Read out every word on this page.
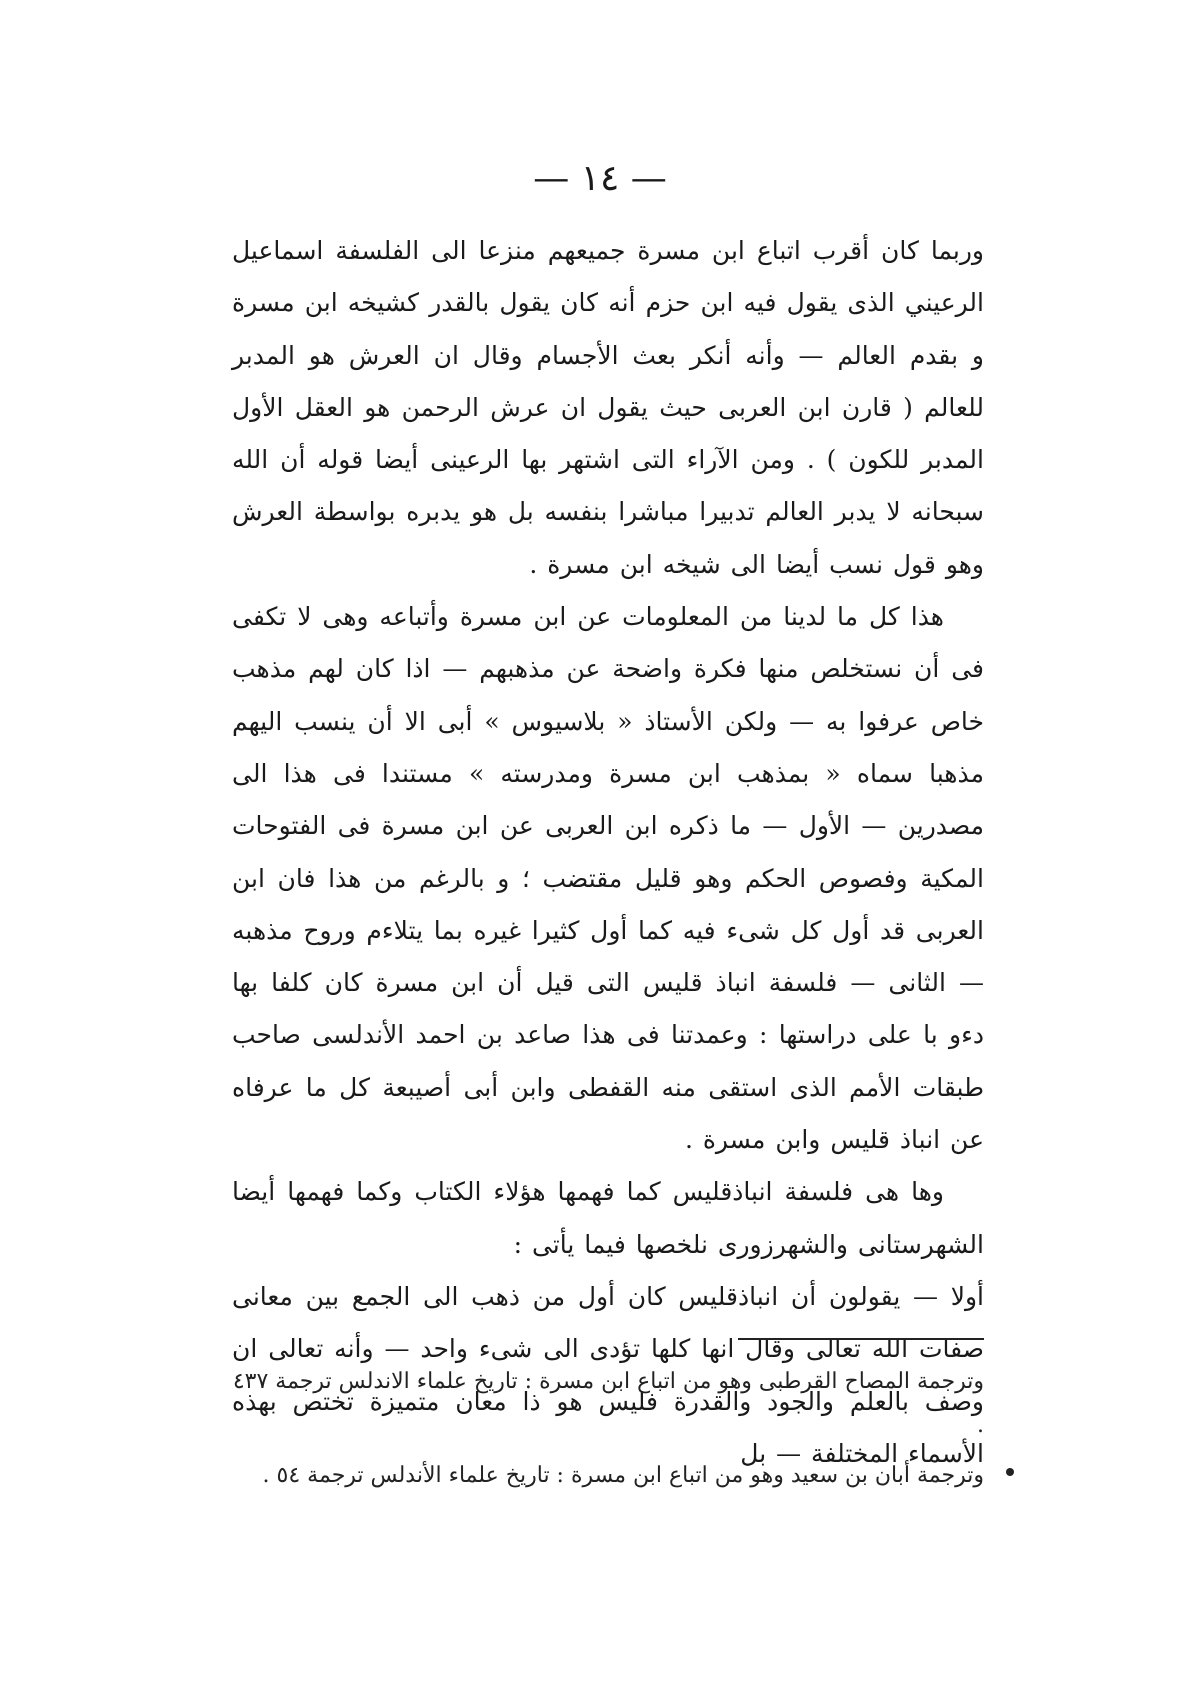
— ١٤ —

وربما كان أقرب اتباع ابن مسرة جميعهم منزعا الى الفلسفة اسماعيل الرعيني الذى يقول فيه ابن حزم أنه كان يقول بالقدر كشيخه ابن مسرة و بقدم العالم — وأنه أنكر بعث الأجسام وقال ان العرش هو المدبر للعالم ( قارن ابن العربى حيث يقول ان عرش الرحمن هو العقل الأول المدبر للكون ) . ومن الآراء التى اشتهر بها الرعينى أيضا قوله أن الله سبحانه لا يدبر العالم تدبيرا مباشرا بنفسه بل هو يدبره بواسطة العرش وهو قول نسب أيضا الى شيخه ابن مسرة .

هذا كل ما لدينا من المعلومات عن ابن مسرة وأتباعه وهى لا تكفى فى أن نستخلص منها فكرة واضحة عن مذهبهم — اذا كان لهم مذهب خاص عرفوا به — ولكن الأستاذ « بلاسيوس » أبى الا أن ينسب اليهم مذهبا سماه « بمذهب ابن مسرة ومدرسته » مستندا فى هذا الى مصدرين — الأول — ما ذكره ابن العربى عن ابن مسرة فى الفتوحات المكية وفصوص الحكم وهو قليل مقتضب ؛ و بالرغم من هذا فان ابن العربى قد أول كل شىء فيه كما أول كثيرا غيره بما يتلاءم وروح مذهبه — الثانى — فلسفة انباذ قليس التى قيل أن ابن مسرة كان كلفا بها دءو با على دراستها : وعمدتنا فى هذا صاعد بن احمد الأندلسى صاحب طبقات الأمم الذى استقى منه القفطى وابن أبى أصيبعة كل ما عرفاه عن انباذ قليس وابن مسرة .

وها هى فلسفة انباذقليس كما فهمها هؤلاء الكتاب وكما فهمها أيضا الشهرستانى والشهرزورى نلخصها فيما يأتى :

أولا — يقولون أن انباذقليس كان أول من ذهب الى الجمع بين معانى صفات الله تعالى وقال انها كلها تؤدى الى شىء واحد — وأنه تعالى ان وصف بالعلم والجود والقدرة فليس هو ذا معان متميزة تختص بهذه الأسماء المختلفة — بل

وترجمة المصاح القرطبى وهو من اتباع ابن مسرة : تاريخ علماء الاندلس ترجمة ٤٣٧ .

وترجمة أبان بن سعيد وهو من اتباع ابن مسرة : تاريخ علماء الأندلس ترجمة ٥٤ .
